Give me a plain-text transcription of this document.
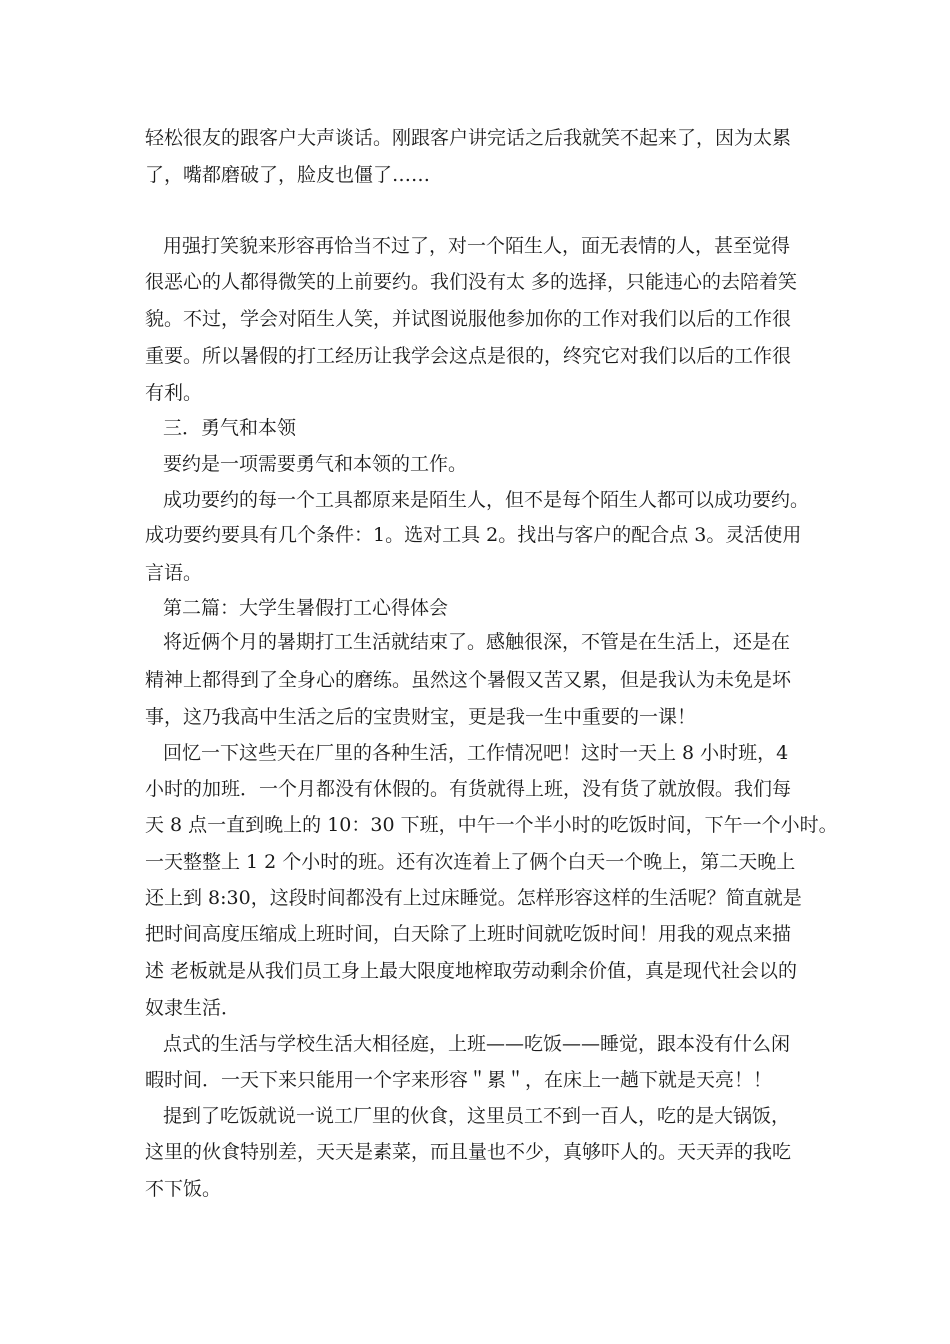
轻松很友的跟客户大声谈话。刚跟客户讲完话之后我就笑不起来了，因为太累
了，嘴都磨破了，脸皮也僵了……
用强打笑貌来形容再恰当不过了，对一个陌生人，面无表情的人，甚至觉得
很恶心的人都得微笑的上前要约。我们没有太 多的选择，只能违心的去陪着笑
貌。不过，学会对陌生人笑，并试图说服他参加你的工作对我们以后的工作很
重要。所以暑假的打工经历让我学会这点是很的，终究它对我们以后的工作很
有利。
三．勇气和本领
要约是一项需要勇气和本领的工作。
成功要约的每一个工具都原来是陌生人，但不是每个陌生人都可以成功要约。
成功要约要具有几个条件：1。选对工具 2。找出与客户的配合点 3。灵活使用
言语。
第二篇：大学生暑假打工心得体会
将近俩个月的暑期打工生活就结束了。感触很深，不管是在生活上，还是在
精神上都得到了全身心的磨练。虽然这个暑假又苦又累，但是我认为未免是坏
事，这乃我高中生活之后的宝贵财宝，更是我一生中重要的一课！
回忆一下这些天在厂里的各种生活，工作情况吧！这时一天上 8 小时班，4
小时的加班．一个月都没有休假的。有货就得上班，没有货了就放假。我们每
天 8 点一直到晚上的 10：30 下班，中午一个半小时的吃饭时间，下午一个小时。
一天整整上 1 2 个小时的班。还有次连着上了俩个白天一个晚上，第二天晚上
还上到 8:30，这段时间都没有上过床睡觉。怎样形容这样的生活呢？简直就是
把时间高度压缩成上班时间，白天除了上班时间就吃饭时间！用我的观点来描
述 老板就是从我们员工身上最大限度地榨取劳动剩余价值，真是现代社会以的
奴隶生活．
点式的生活与学校生活大相径庭，上班——吃饭——睡觉，跟本没有什么闲
暇时间．一天下来只能用一个字来形容＂累＂，在床上一趟下就是天亮！！
提到了吃饭就说一说工厂里的伙食，这里员工不到一百人，吃的是大锅饭，
这里的伙食特别差，天天是素菜，而且量也不少，真够吓人的。天天弄的我吃
不下饭。
